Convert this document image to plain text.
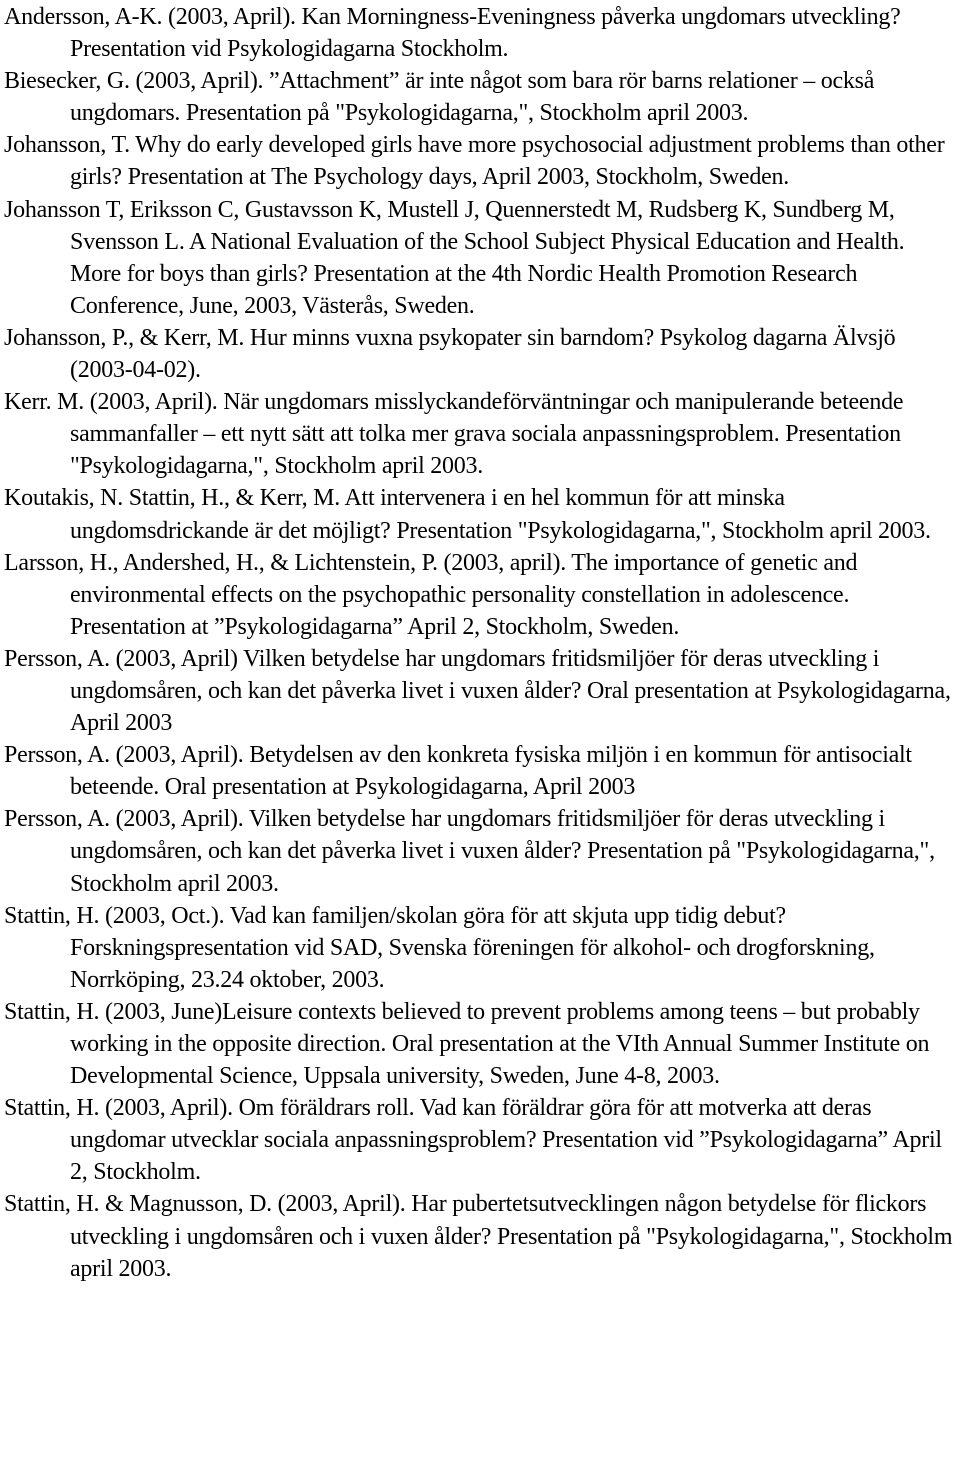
Andersson, A-K. (2003, April). Kan Morningness-Eveningness påverka ungdomars utveckling? Presentation vid Psykologidagarna Stockholm.

Biesecker, G. (2003, April). ”Attachment” är inte något som bara rör barns relationer – också ungdomars. Presentation på "Psykologidagarna,", Stockholm april 2003.

Johansson, T. Why do early developed girls have more psychosocial adjustment problems than other girls? Presentation at The Psychology days, April 2003, Stockholm, Sweden.

Johansson T, Eriksson C, Gustavsson K, Mustell J, Quennerstedt M, Rudsberg K, Sundberg M, Svensson L. A National Evaluation of the School Subject Physical Education and Health. More for boys than girls? Presentation at the 4th Nordic Health Promotion Research Conference, June, 2003, Västerås, Sweden.

Johansson, P., & Kerr, M. Hur minns vuxna psykopater sin barndom? Psykolog dagarna Älvsjö (2003-04-02).

Kerr. M. (2003, April). När ungdomars misslyckandeförväntningar och manipulerande beteende sammanfaller – ett nytt sätt att tolka mer grava sociala anpassningsproblem. Presentation "Psykologidagarna,", Stockholm april 2003.

Koutakis, N. Stattin, H., & Kerr, M. Att intervenera i en hel kommun för att minska ungdomsdrickande är det möjligt? Presentation "Psykologidagarna,", Stockholm april 2003.

Larsson, H., Andershed, H., & Lichtenstein, P. (2003, april). The importance of genetic and environmental effects on the psychopathic personality constellation in adolescence. Presentation at ”Psykologidagarna” April 2, Stockholm, Sweden.

Persson, A. (2003, April) Vilken betydelse har ungdomars fritidsmiljöer för deras utveckling i ungdomsåren, och kan det påverka livet i vuxen ålder? Oral presentation at Psykologidagarna, April 2003

Persson, A. (2003, April). Betydelsen av den konkreta fysiska miljön i en kommun för antisocialt beteende. Oral presentation at Psykologidagarna, April 2003

Persson, A. (2003, April). Vilken betydelse har ungdomars fritidsmiljöer för deras utveckling i ungdomsåren, och kan det påverka livet i vuxen ålder? Presentation på "Psykologidagarna,", Stockholm april 2003.

Stattin, H. (2003, Oct.). Vad kan familjen/skolan göra för att skjuta upp tidig debut? Forskningspresentation vid SAD, Svenska föreningen för alkohol- och drogforskning, Norrköping, 23.24 oktober, 2003.

Stattin, H. (2003, June)Leisure contexts believed to prevent problems among teens – but probably working in the opposite direction. Oral presentation at the VIth Annual Summer Institute on Developmental Science, Uppsala university, Sweden, June 4-8, 2003.

Stattin, H. (2003, April). Om föräldrars roll. Vad kan föräldrar göra för att motverka att deras ungdomar utvecklar sociala anpassningsproblem? Presentation vid ”Psykologidagarna” April 2, Stockholm.

Stattin, H. & Magnusson, D. (2003, April). Har pubertetsutvecklingen någon betydelse för flickors utveckling i ungdomsåren och i vuxen ålder? Presentation på "Psykologidagarna,", Stockholm april 2003.
